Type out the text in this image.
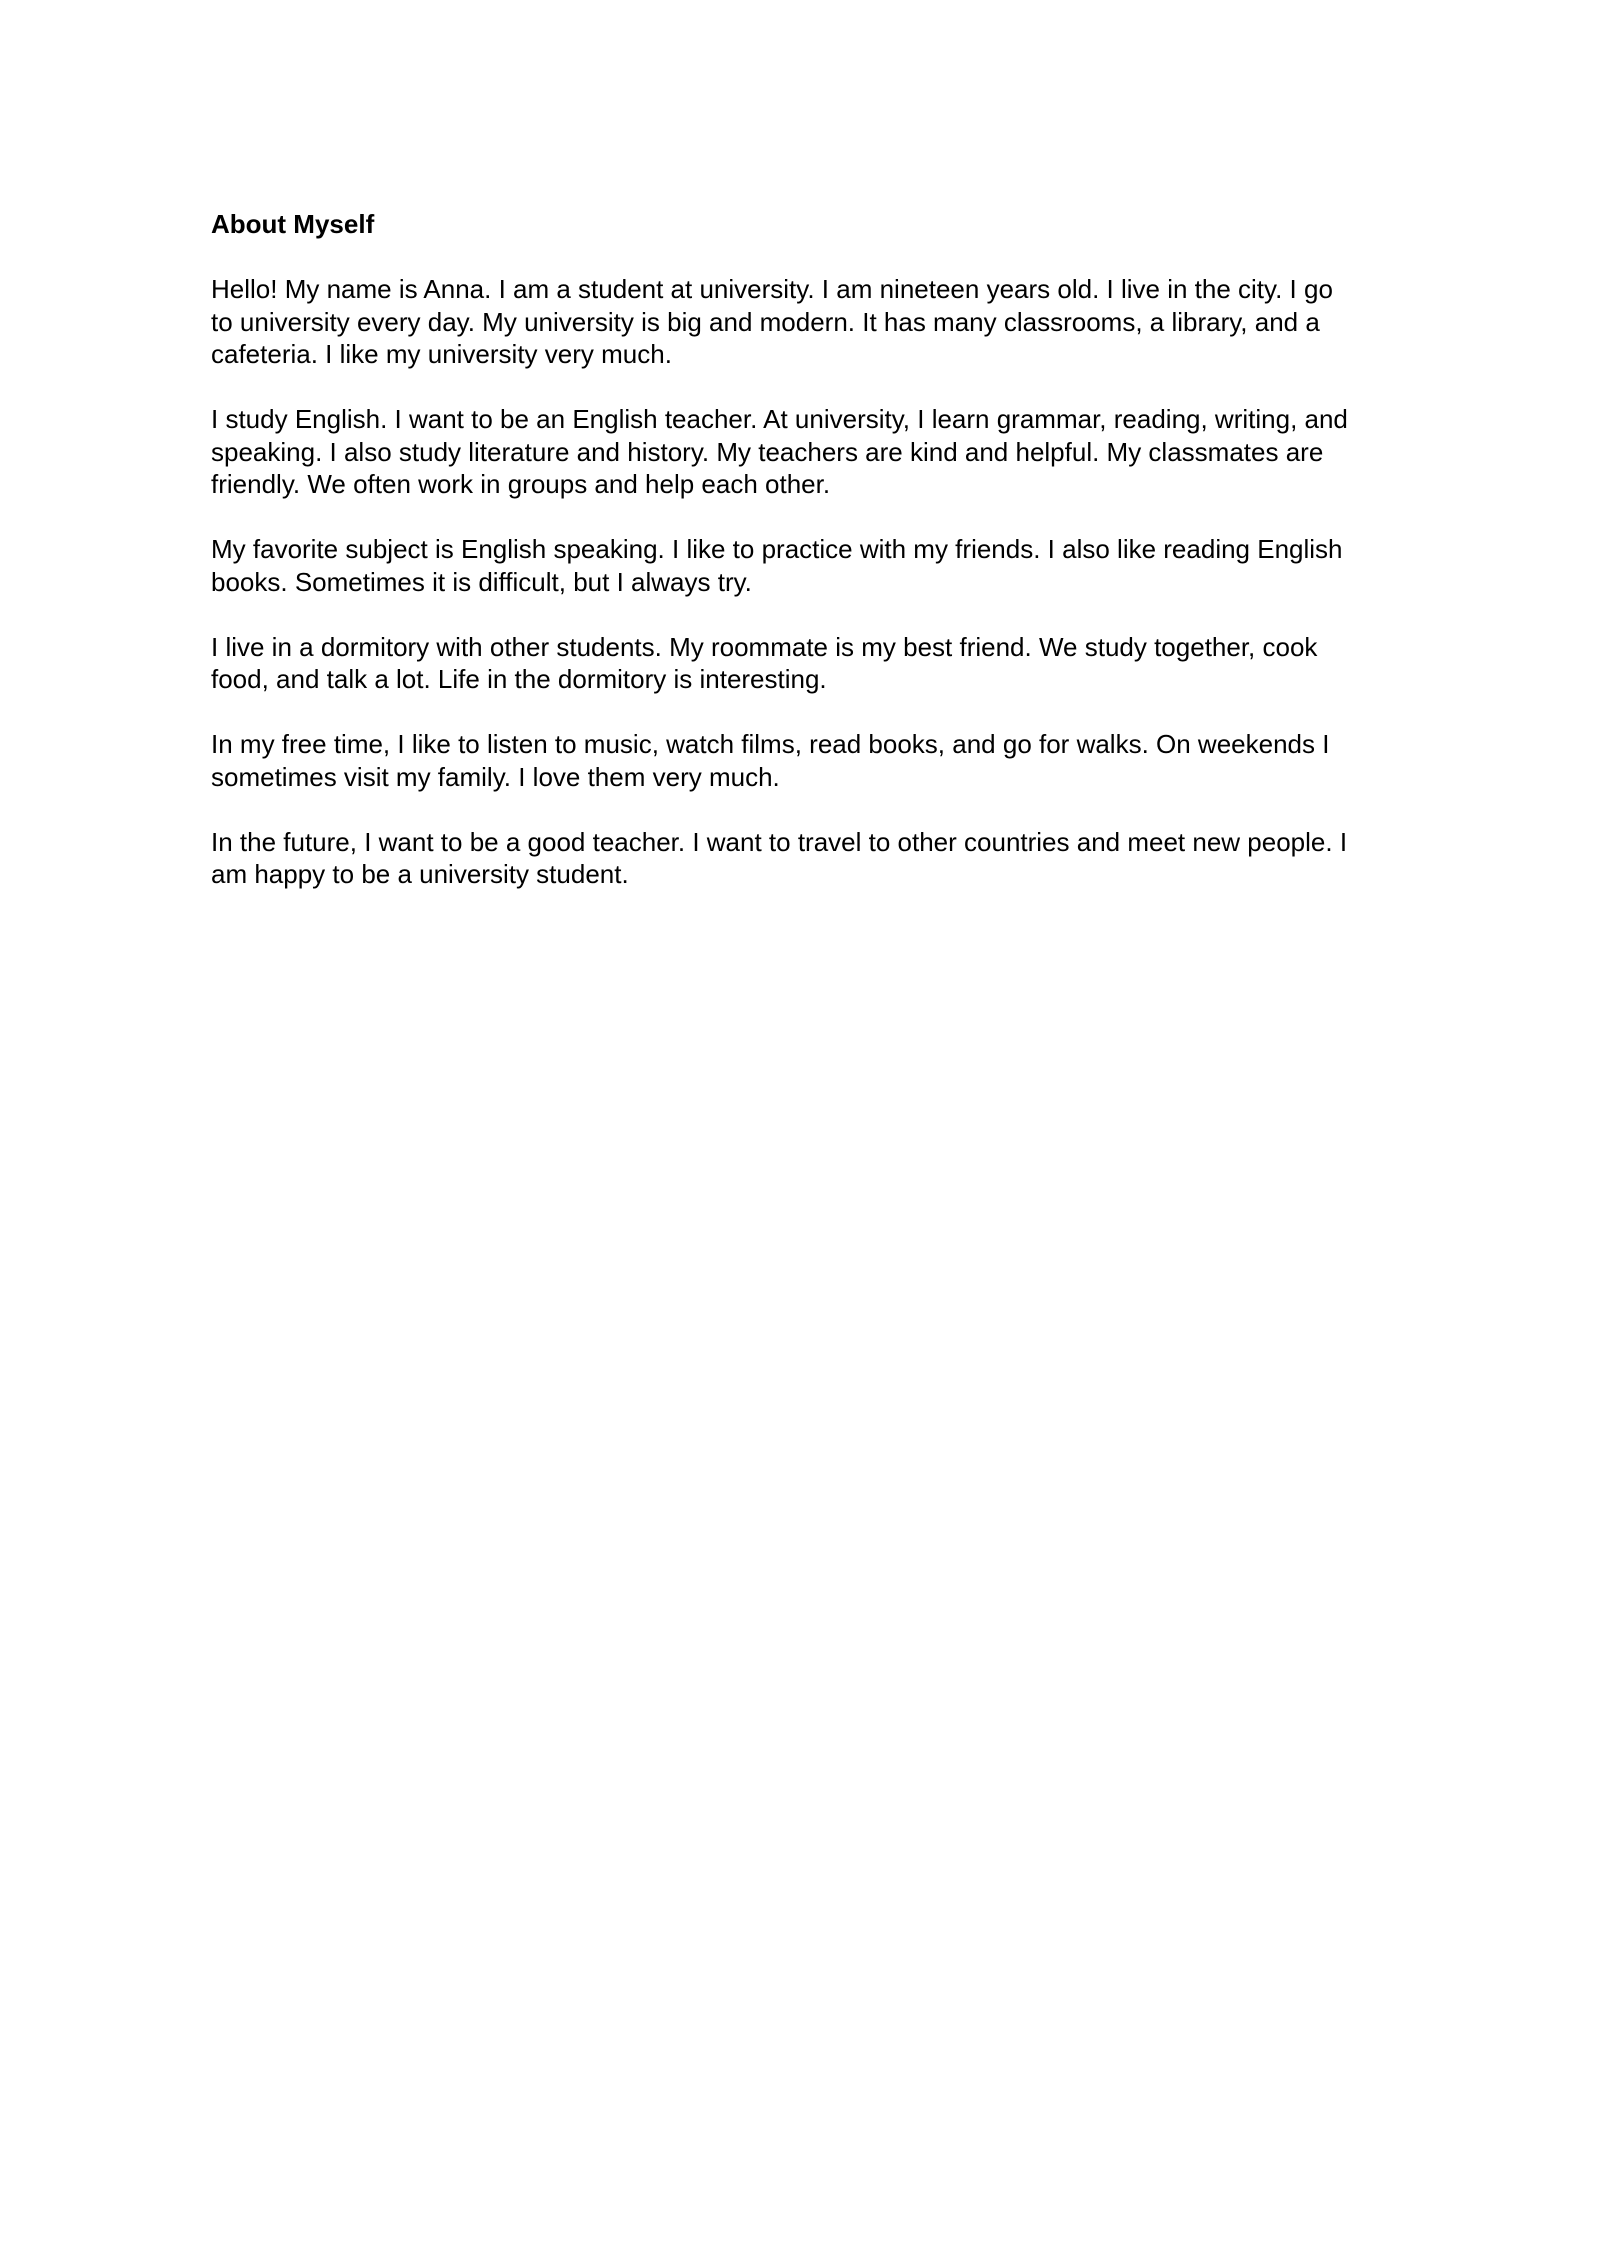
About Myself

Hello! My name is Anna. I am a student at university. I am nineteen years old. I live in the city. I go
to university every day. My university is big and modern. It has many classrooms, a library, and a
cafeteria. I like my university very much.

I study English. I want to be an English teacher. At university, I learn grammar, reading, writing, and
speaking. I also study literature and history. My teachers are kind and helpful. My classmates are
friendly. We often work in groups and help each other.

My favorite subject is English speaking. I like to practice with my friends. I also like reading English
books. Sometimes it is difficult, but I always try.

I live in a dormitory with other students. My roommate is my best friend. We study together, cook
food, and talk a lot. Life in the dormitory is interesting.

In my free time, I like to listen to music, watch films, read books, and go for walks. On weekends I
sometimes visit my family. I love them very much.

In the future, I want to be a good teacher. I want to travel to other countries and meet new people. I
am happy to be a university student.
